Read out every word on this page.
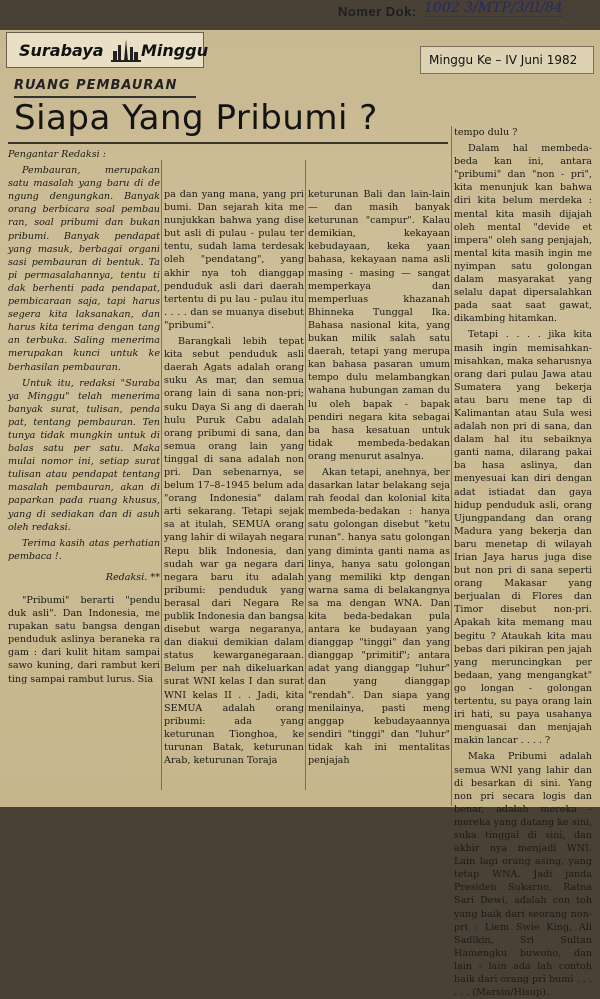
Nomer Dok: 1002 3/MTP/3/II/84
Surabaya Minggu	Minggu Ke – IV Juni 1982
RUANG PEMBAURAN
Siapa Yang Pribumi ?

Pengantar Redaksi :

Pembauran, merupakan satu masalah yang baru di de ngung dengungkan. Banyak orang berbicara soal pembau ran, soal pribumi dan bukan pribumi. Banyak pendapat yang masuk, berbagai organi sasi pembauran di bentuk. Ta pi permasalahannya, tentu ti dak berhenti pada pendapat, pembicaraan saja, tapi harus segera kita laksanakan, dan harus kita terima dengan tang an terbuka. Saling menerima merupakan kunci untuk ke berhasilan pembauran.

Untuk itu, redaksi "Suraba ya Minggu" telah menerima banyak surat, tulisan, penda pat, tentang pembauran. Ten tunya tidak mungkin untuk di balas satu per satu. Maka mulai nomor ini, setiap surat tulisan atau pendapat tentang masalah pembauran, akan di paparkan pada ruang khusus, yang di sediakan dan di asuh oleh redaksi.

Terima kasih atas perhatian pembaca !.

Redaksi. **

"Pribumi" berarti "pendu duk asli". Dan Indonesia, me rupakan satu bangsa dengan penduduk aslinya beraneka ra gam : dari kulit hitam sampai sawo kuning, dari rambut keri ting sampai rambut lurus. Sia

pa dan yang mana, yang pri bumi. Dan sejarah kita me nunjukkan bahwa yang dise but asli di pulau - pulau ter tentu, sudah lama terdesak oleh "pendatang", yang akhir nya toh dianggap penduduk asli dari daerah tertentu di pu lau - pulau itu . . . . dan se muanya disebut "pribumi".

Barangkali lebih tepat kita sebut penduduk asli daerah Agats adalah orang suku As mar, dan semua orang lain di sana non-pri; suku Daya Si ang di daerah hulu Puruk Cabu adalah orang pribumi di sana, dan semua orang lain yang tinggal di sana adalah non pri. Dan sebenarnya, se belum 17–8–1945 belum ada "orang Indonesia" dalam arti sekarang. Tetapi sejak sa at itulah, SEMUA orang yang lahir di wilayah negara Repu blik Indonesia, dan sudah war ga negara dari negara baru itu adalah pribumi: penduduk yang berasal dari Negara Re publik Indonesia dan bangsa disebut warga negaranya, dan diakui demikian dalam status kewarganegaraan. Belum per nah dikeluarkan surat WNI kelas I dan surat WNI kelas II . . Jadi, kita SEMUA adalah orang pribumi: ada yang keturunan Tionghoa, ke turunan Batak, keturunan Arab, keturunan Toraja

keturunan Bali dan lain-lain — dan masih banyak keturunan "campur". Kalau demikian, kekayaan kebudayaan, keka yaan bahasa, kekayaan nama asli masing - masing — sangat memperkaya dan memperluas khazanah Bhinneka Tunggal Ika. Bahasa nasional kita, yang bukan milik salah satu daerah, tetapi yang merupa kan bahasa pasaran umum tempo dulu melambangkan wahana hubungan zaman du lu oleh bapak - bapak pendiri negara kita sebagai ba hasa kesatuan untuk tidak membeda-bedakan orang menurut asalnya.

Akan tetapi, anehnya, ber dasarkan latar belakang seja rah feodal dan kolonial kita membeda-bedakan : hanya satu golongan disebut "ketu runan". hanya satu golongan yang diminta ganti nama as linya, hanya satu golongan yang memiliki ktp dengan warna sama di belakangnya sa ma dengan WNA. Dan kita beda-bedakan pula antara ke budayaan yang dianggap "tinggi" dan yang dianggap "primitif"; antara adat yang dianggap "luhur" dan yang dianggap "rendah". Dan siapa yang menilainya, pasti meng anggap kebudayaannya sendiri "tinggi" dan "luhur" tidak kah ini mentalitas penjajah

tempo dulu ?

Dalam hal membeda- beda kan ini, antara "pribumi" dan "non - pri", kita menunjuk kan bahwa diri kita belum merdeka : mental kita masih dijajah oleh mental "devide et impera" oleh sang penjajah, mental kita masih ingin me nyimpan satu golongan dalam masyarakat yang selalu dapat dipersalahkan pada saat saat gawat, dikambing hitamkan.

Tetapi . . . . jika kita masih ingin memisahkan- misahkan, maka seharusnya orang dari pulau Jawa atau Sumatera yang bekerja atau baru mene tap di Kalimantan atau Sula wesi adalah non pri di sana, dan dalam hal itu sebaiknya ganti nama, dilarang pakai ba hasa aslinya, dan menyesuai kan diri dengan adat istiadat dan gaya hidup penduduk asli, orang Ujungpandang dan orang Madura yang bekerja dan baru menetap di wilayah Irian Jaya harus juga dise but non pri di sana seperti orang Makasar yang berjualan di Flores dan Timor disebut non-pri. Apakah kita memang mau begitu ? Ataukah kita mau bebas dari pikiran pen jajah yang meruncingkan per bedaan, yang mengangkat" go longan - golongan tertentu, su paya orang lain iri hati, su paya usahanya menguasai dan menjajah makin lancar . . . . ?

Maka Pribumi adalah semua WNI yang lahir dan di besarkan di sini. Yang non pri secara logis dan benar, adalah mereka - mereka yang datang ke sini, suka tinggal di sini, dan akhir nya menjadi WNI. Lain lagi orang asing, yang tetap WNA. Jadi janda Presiden Sukarno, Ratna Sari Dewi, adalah con toh yang baik dari seorang non-pri : Liem Swie King, Ali Sadikin, Sri Sultan Hamengku buwono, dan lain - lain ada lah contoh baik dari orang pri bumi . . . . . . (Marsin/Hisup).
